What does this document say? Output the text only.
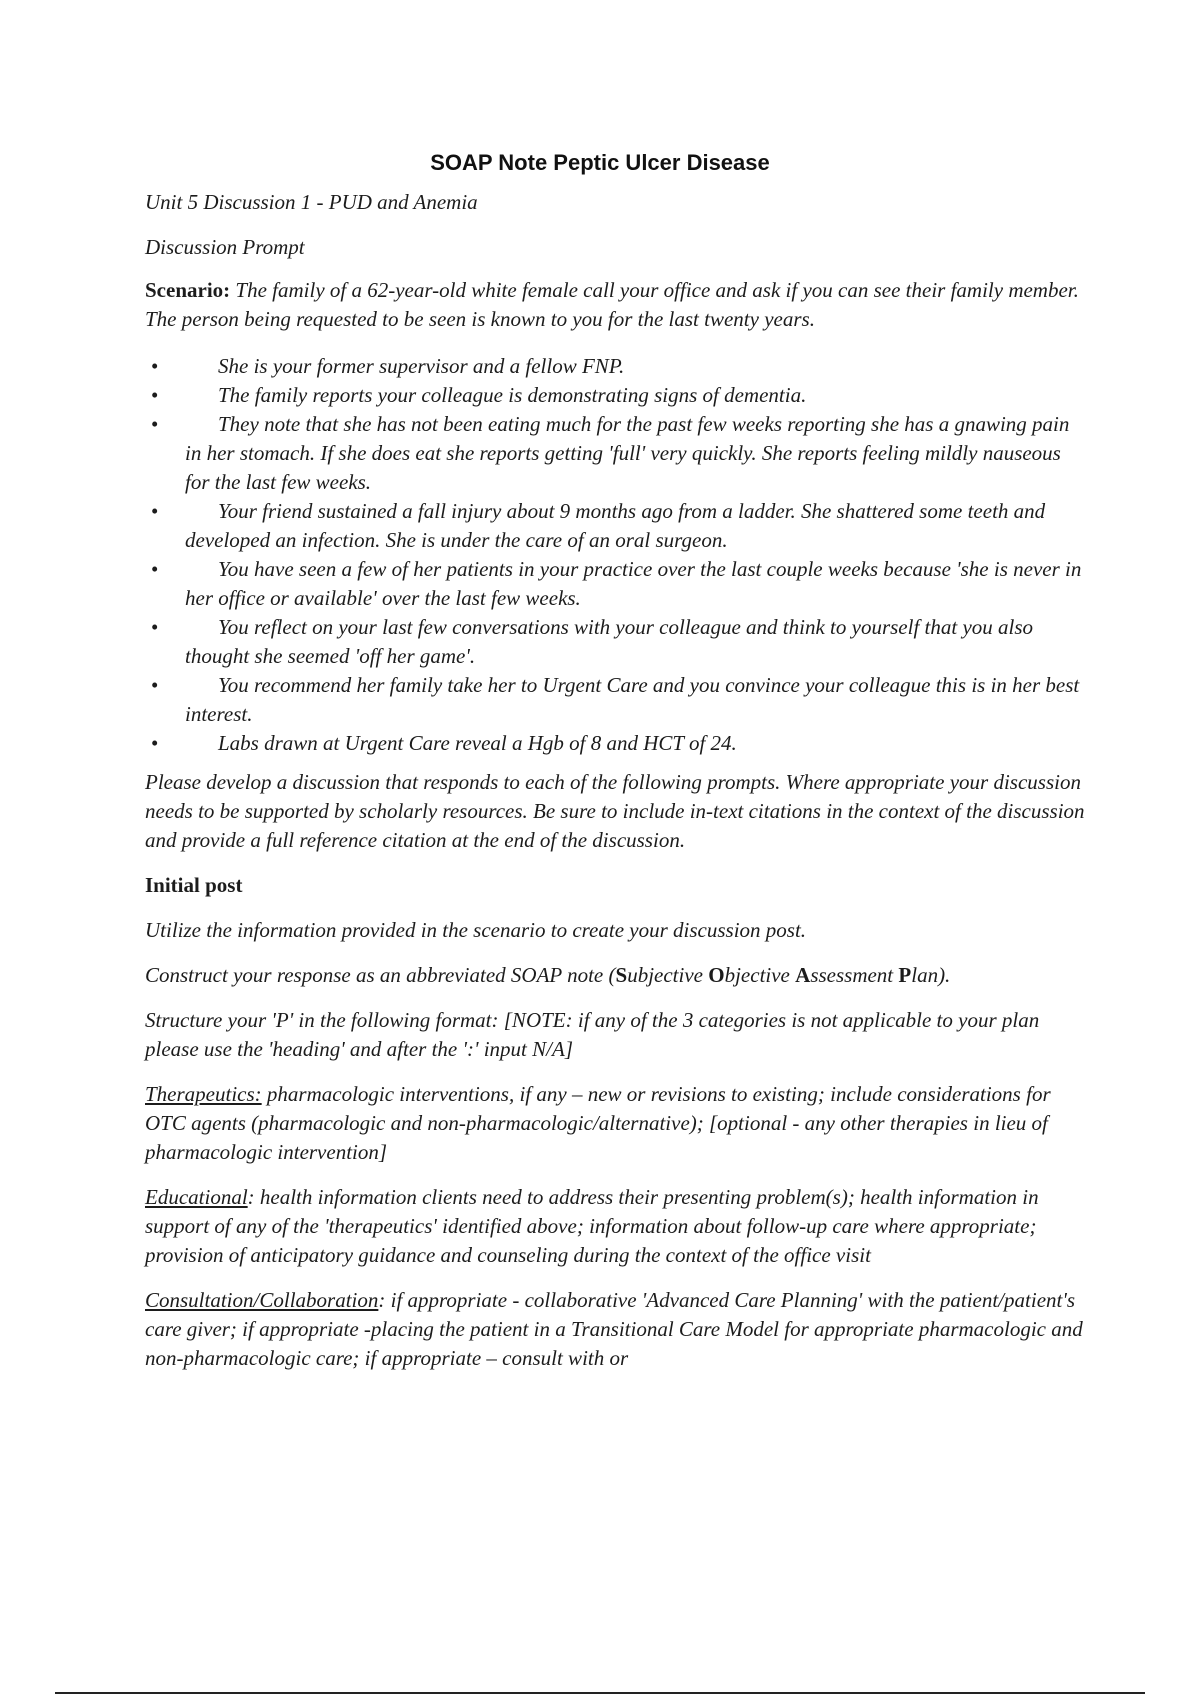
SOAP Note Peptic Ulcer Disease

Unit 5 Discussion 1 - PUD and Anemia

Discussion Prompt

Scenario: The family of a 62-year-old white female call your office and ask if you can see their family member. The person being requested to be seen is known to you for the last twenty years.

•	She is your former supervisor and a fellow FNP.
•	The family reports your colleague is demonstrating signs of dementia.
•	They note that she has not been eating much for the past few weeks reporting she has a gnawing pain in her stomach. If she does eat she reports getting 'full' very quickly. She reports feeling mildly nauseous for the last few weeks.
•	Your friend sustained a fall injury about 9 months ago from a ladder. She shattered some teeth and developed an infection. She is under the care of an oral surgeon.
•	You have seen a few of her patients in your practice over the last couple weeks because 'she is never in her office or available' over the last few weeks.
•	You reflect on your last few conversations with your colleague and think to yourself that you also thought she seemed 'off her game'.
•	You recommend her family take her to Urgent Care and you convince your colleague this is in her best interest.
•	Labs drawn at Urgent Care reveal a Hgb of 8 and HCT of 24.

Please develop a discussion that responds to each of the following prompts. Where appropriate your discussion needs to be supported by scholarly resources. Be sure to include in-text citations in the context of the discussion and provide a full reference citation at the end of the discussion.

Initial post

Utilize the information provided in the scenario to create your discussion post.

Construct your response as an abbreviated SOAP note (Subjective Objective Assessment Plan).

Structure your 'P' in the following format: [NOTE: if any of the 3 categories is not applicable to your plan please use the 'heading' and after the ':' input N/A]

Therapeutics: pharmacologic interventions, if any – new or revisions to existing; include considerations for OTC agents (pharmacologic and non-pharmacologic/alternative); [optional - any other therapies in lieu of pharmacologic intervention]

Educational: health information clients need to address their presenting problem(s); health information in support of any of the 'therapeutics' identified above; information about follow-up care where appropriate; provision of anticipatory guidance and counseling during the context of the office visit

Consultation/Collaboration: if appropriate - collaborative 'Advanced Care Planning' with the patient/patient's care giver; if appropriate -placing the patient in a Transitional Care Model for appropriate pharmacologic and non-pharmacologic care; if appropriate – consult with or
